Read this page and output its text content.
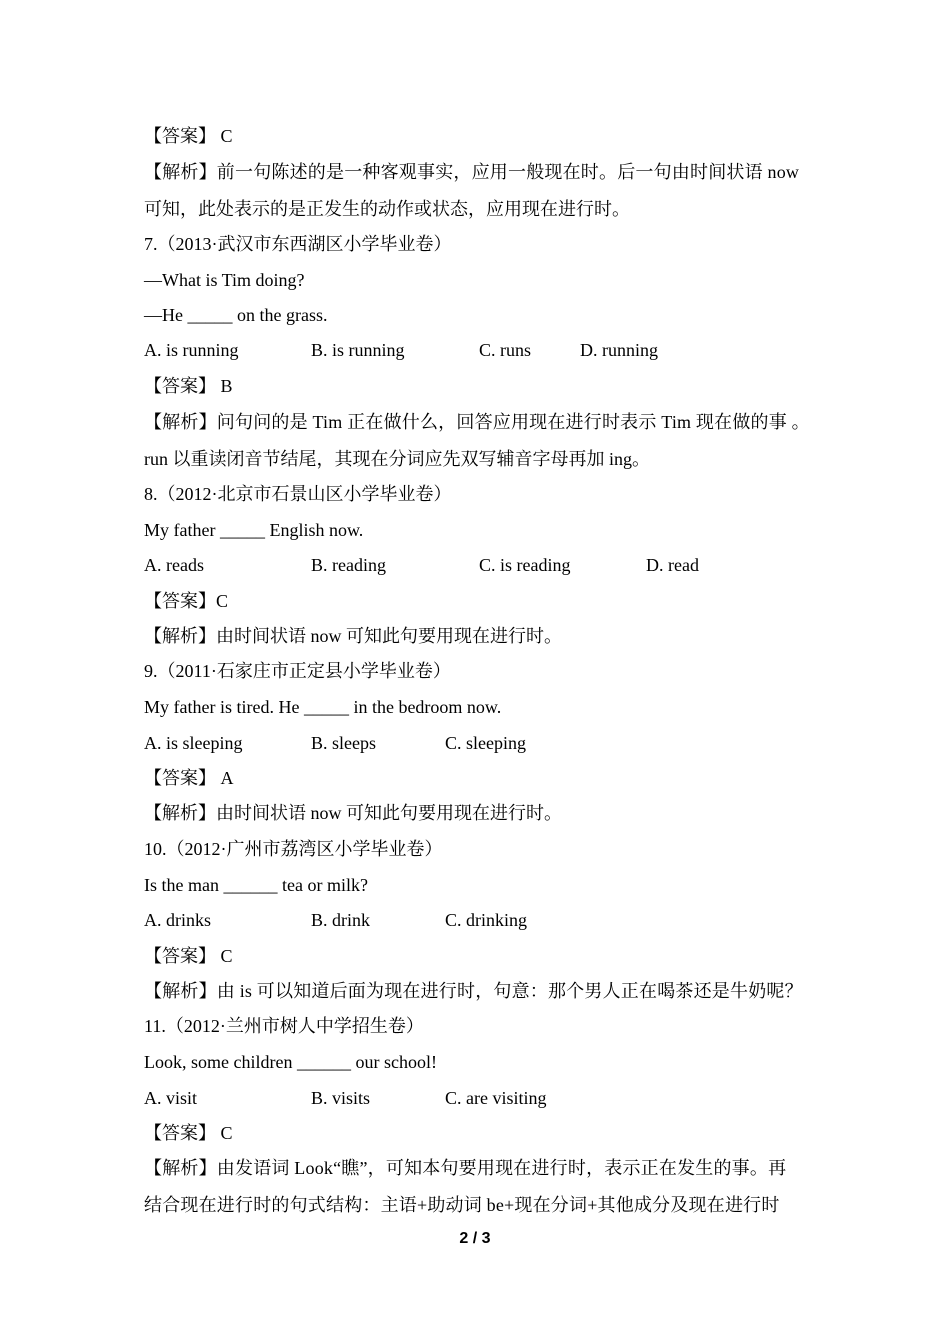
【答案】 C
【解析】前一句陈述的是一种客观事实，应用一般现在时。后一句由时间状语 now
可知，此处表示的是正发生的动作或状态，应用现在进行时。
7.（2013·武汉市东西湖区小学毕业卷）
—What is Tim doing?
—He _____ on the grass.
A. is running	B. is running	C. runs	D. running
【答案】 B
【解析】问句问的是 Tim 正在做什么，回答应用现在进行时表示 Tim 现在做的事 。
run 以重读闭音节结尾，其现在分词应先双写辅音字母再加 ing。
8.（2012·北京市石景山区小学毕业卷）
My father _____ English now.
A. reads	B. reading	C. is reading	D. read
【答案】C
【解析】由时间状语 now 可知此句要用现在进行时。
9.（2011·石家庄市正定县小学毕业卷）
My father is tired. He _____ in the bedroom now.
A. is sleeping	B. sleeps	C. sleeping
【答案】 A
【解析】由时间状语 now 可知此句要用现在进行时。
10.（2012·广州市荔湾区小学毕业卷）
Is the man ______ tea or milk?
A. drinks	B. drink	C. drinking
【答案】 C
【解析】由 is 可以知道后面为现在进行时，句意：那个男人正在喝茶还是牛奶呢？
11.（2012·兰州市树人中学招生卷）
Look, some children ______ our school!
A. visit	B. visits	C. are visiting
【答案】 C
【解析】由发语词 Look“瞧”，可知本句要用现在进行时，表示正在发生的事。再
结合现在进行时的句式结构：主语+助动词 be+现在分词+其他成分及现在进行时
2 / 3
